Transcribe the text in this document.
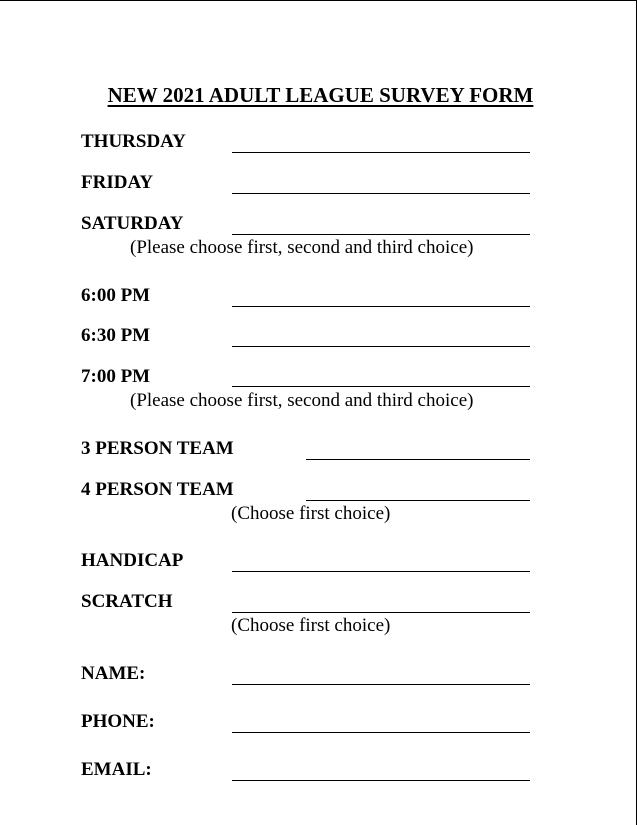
NEW 2021 ADULT LEAGUE SURVEY FORM
THURSDAY
FRIDAY
SATURDAY
(Please choose first, second and third choice)
6:00 PM
6:30 PM
7:00 PM
(Please choose first, second and third choice)
3 PERSON TEAM
4 PERSON TEAM
(Choose first choice)
HANDICAP
SCRATCH
(Choose first choice)
NAME:
PHONE:
EMAIL:
